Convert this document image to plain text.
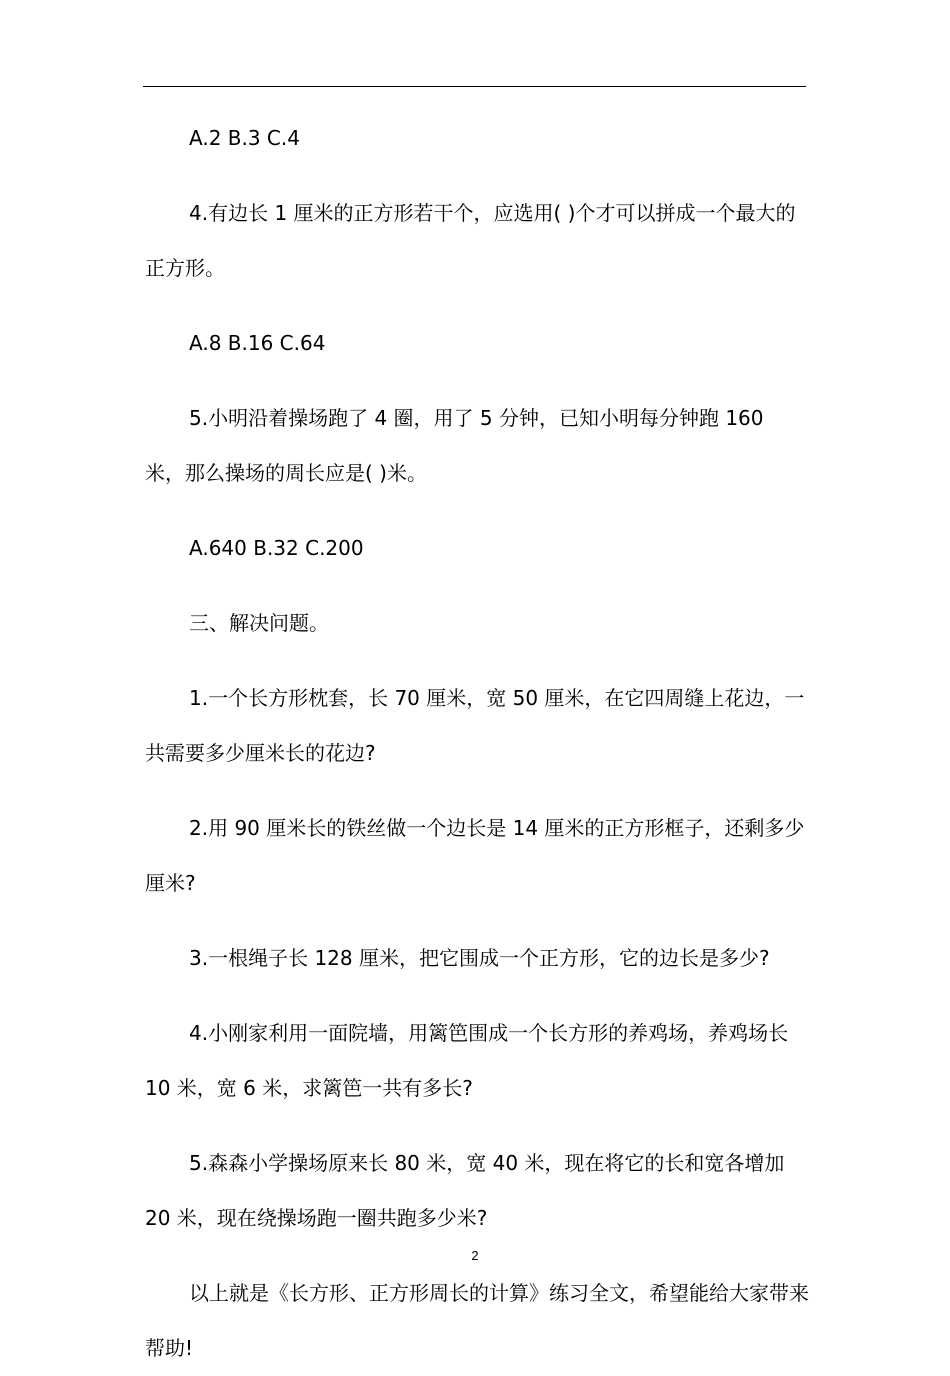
A.2 B.3 C.4

4.有边长 1 厘米的正方形若干个，应选用( )个才可以拼成一个最大的正方形。

A.8 B.16 C.64

5.小明沿着操场跑了 4 圈，用了 5 分钟，已知小明每分钟跑 160 米，那么操场的周长应是( )米。

A.640 B.32 C.200

三、解决问题。

1.一个长方形枕套，长 70 厘米，宽 50 厘米，在它四周缝上花边，一共需要多少厘米长的花边?

2.用 90 厘米长的铁丝做一个边长是 14 厘米的正方形框子，还剩多少厘米?

3.一根绳子长 128 厘米，把它围成一个正方形，它的边长是多少?

4.小刚家利用一面院墙，用篱笆围成一个长方形的养鸡场，养鸡场长 10 米，宽 6 米，求篱笆一共有多长?

5.森森小学操场原来长 80 米，宽 40 米，现在将它的长和宽各增加 20 米，现在绕操场跑一圈共跑多少米?

以上就是《长方形、正方形周长的计算》练习全文，希望能给大家带来帮助!

2
